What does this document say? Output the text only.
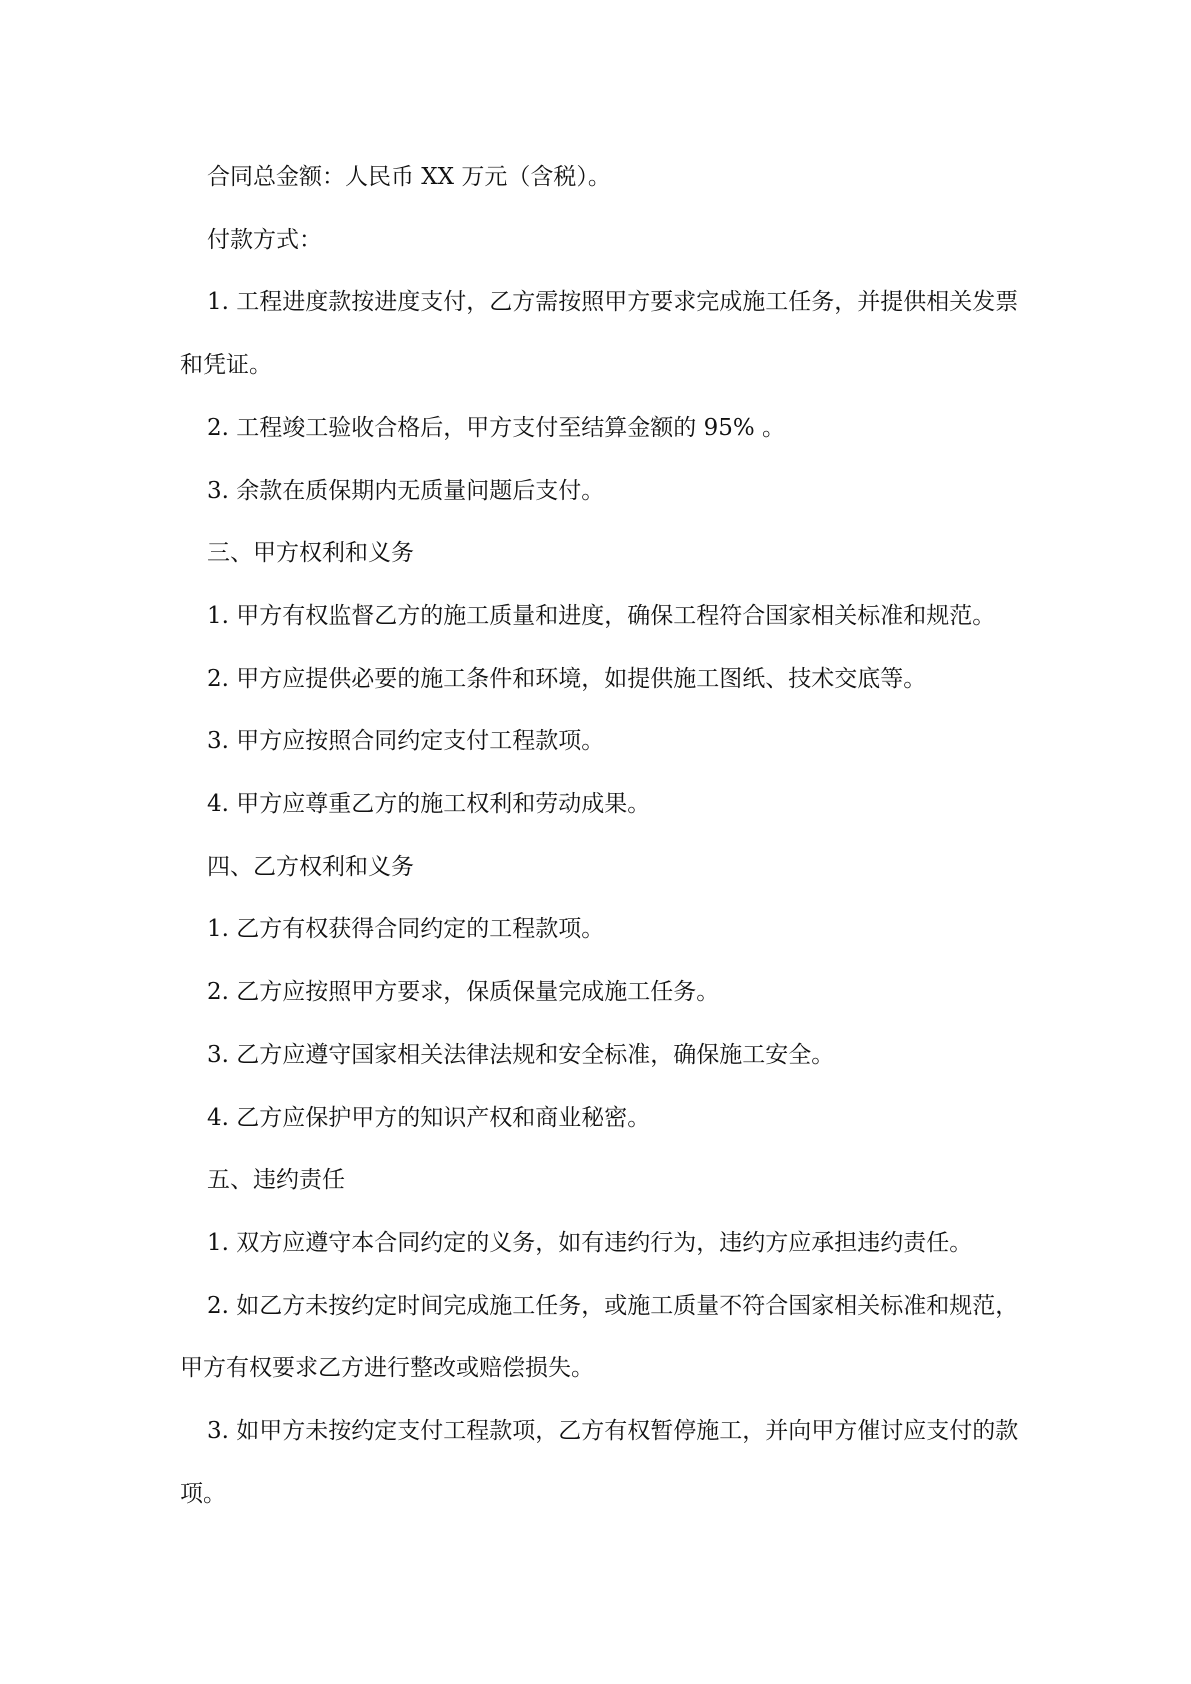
合同总金额：人民币 XX 万元（含税）。

付款方式：

1. 工程进度款按进度支付，乙方需按照甲方要求完成施工任务，并提供相关发票和凭证。

2. 工程竣工验收合格后，甲方支付至结算金额的 95% 。

3. 余款在质保期内无质量问题后支付。

三、甲方权利和义务

1. 甲方有权监督乙方的施工质量和进度，确保工程符合国家相关标准和规范。

2. 甲方应提供必要的施工条件和环境，如提供施工图纸、技术交底等。

3. 甲方应按照合同约定支付工程款项。

4. 甲方应尊重乙方的施工权利和劳动成果。

四、乙方权利和义务

1. 乙方有权获得合同约定的工程款项。

2. 乙方应按照甲方要求，保质保量完成施工任务。

3. 乙方应遵守国家相关法律法规和安全标准，确保施工安全。

4. 乙方应保护甲方的知识产权和商业秘密。

五、违约责任

1. 双方应遵守本合同约定的义务，如有违约行为，违约方应承担违约责任。

2. 如乙方未按约定时间完成施工任务，或施工质量不符合国家相关标准和规范，甲方有权要求乙方进行整改或赔偿损失。

3. 如甲方未按约定支付工程款项，乙方有权暂停施工，并向甲方催讨应支付的款项。
